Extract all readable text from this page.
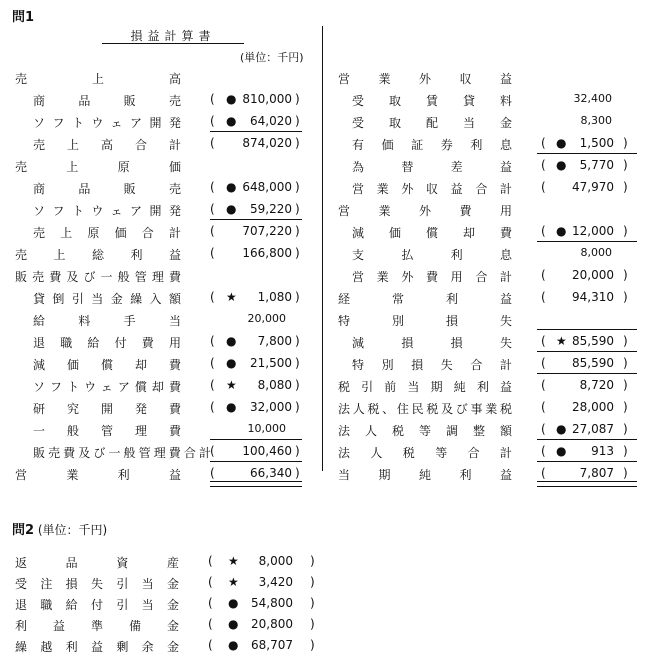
問1
損益計算書
(単位：千円)
売上高
商品販売 ( ● 810,000 )
ソフトウェア開発 ( ●	64,020 )
売上高合計 (	874,020 )
売上原価
商品販売 ( ● 648,000 )
ソフトウェア開発 ( ●	59,220 )
売上原価合計 (	707,220 )
売上総利益 (	166,800 )
販売費及び一般管理費
貸倒引当金繰入額 ( ★	1,080 )
給料手当	20,000
退職給付費用 ( ●	7,800 )
減価償却費 ( ●	21,500 )
ソフトウェア償却費 ( ★	8,080 )
研究開発費 ( ●	32,000 )
一般管理費	10,000
販売費及び一般管理費合計 (	100,460 )
営業利益 (	66,340 )
営業外収益
受取賃貸料	32,400
受取配当金	8,300
有価証券利息 ( ●	1,500 )
為替差益 ( ●	5,770 )
営業外収益合計 (	47,970 )
営業外費用
減価償却費 ( ● 12,000 )
支払利息	8,000
営業外費用合計 (	20,000 )
経常利益 (	94,310 )
特別損失
減損損失 ( ★ 85,590 )
特別損失合計 (	85,590 )
税引前当期純利益 (	8,720 )
法人税、住民税及び事業税 (	28,000 )
法人税等調整額 ( ● 27,087 )
法人税等合計 ( ●	913 )
当期純利益 (	7,807 )
問2 (単位：千円)
返品資産 ( ★	8,000 )
受注損失引当金 ( ★	3,420 )
退職給付引当金 ( ●	54,800 )
利益準備金 ( ●	20,800 )
繰越利益剰余金 ( ●	68,707 )
